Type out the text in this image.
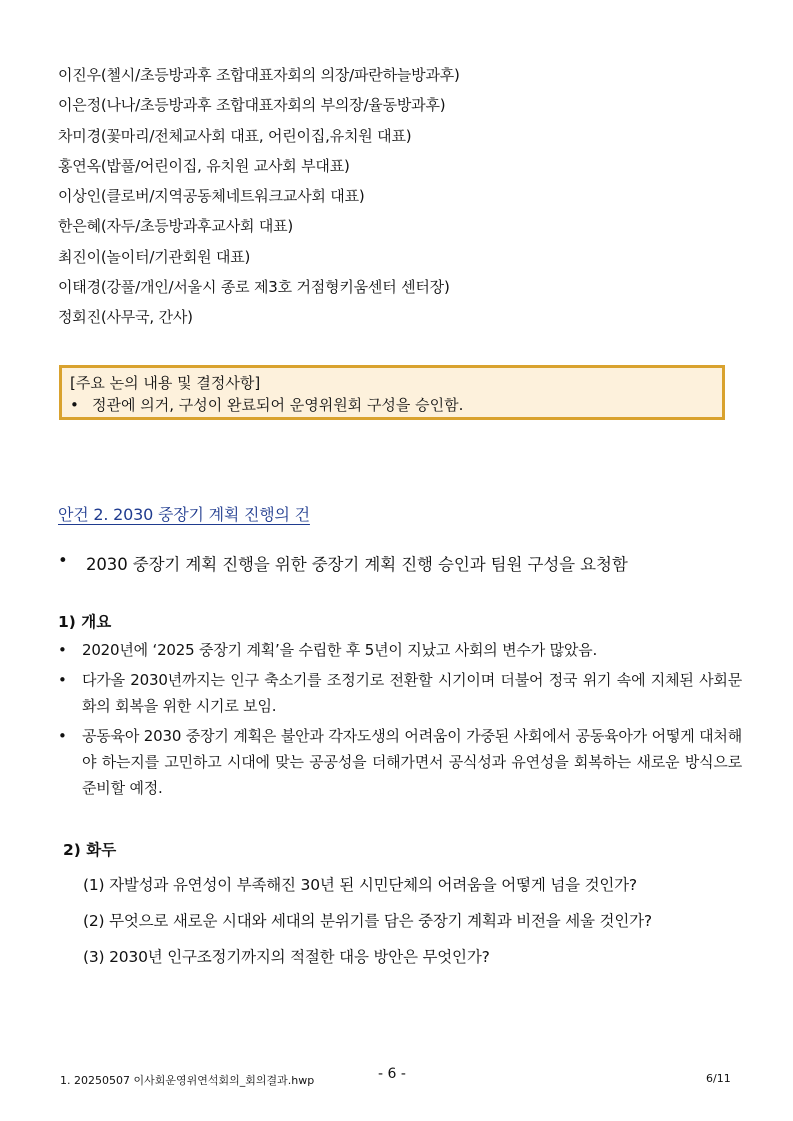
이진우(첼시/초등방과후 조합대표자회의 의장/파란하늘방과후)
이은정(나나/초등방과후 조합대표자회의 부의장/율동방과후)
차미경(꽃마리/전체교사회 대표, 어린이집,유치원 대표)
홍연옥(밥풀/어린이집, 유치원 교사회 부대표)
이상인(클로버/지역공동체네트워크교사회 대표)
한은혜(자두/초등방과후교사회 대표)
최진이(놀이터/기관회원 대표)
이태경(강풀/개인/서울시 종로 제3호 거점형키움센터 센터장)
정회진(사무국, 간사)
[주요 논의 내용 및 결정사항]
• 정관에 의거, 구성이 완료되어 운영위원회 구성을 승인함.
안건 2. 2030 중장기 계획 진행의 건
•	2030 중장기 계획 진행을 위한 중장기 계획 진행 승인과 팀원 구성을 요청함
1) 개요
•	2020년에 ‘2025 중장기 계획’을 수립한 후 5년이 지났고 사회의 변수가 많았음.
•	다가올 2030년까지는 인구 축소기를 조정기로 전환할 시기이며 더불어 정국 위기 속에 지체된 사회문화의 회복을 위한 시기로 보임.
•	공동육아 2030 중장기 계획은 불안과 각자도생의 어려움이 가중된 사회에서 공동육아가 어떻게 대처해야 하는지를 고민하고 시대에 맞는 공공성을 더해가면서 공식성과 유연성을 회복하는 새로운 방식으로 준비할 예정.
2) 화두
(1) 자발성과 유연성이 부족해진 30년 된 시민단체의 어려움을 어떻게 넘을 것인가?
(2) 무엇으로 새로운 시대와 세대의 분위기를 담은 중장기 계획과 비전을 세울 것인가?
(3) 2030년 인구조정기까지의 적절한 대응 방안은 무엇인가?
1. 20250507 이사회운영위연석회의_회의결과.hwp	- 6 -	6/11
